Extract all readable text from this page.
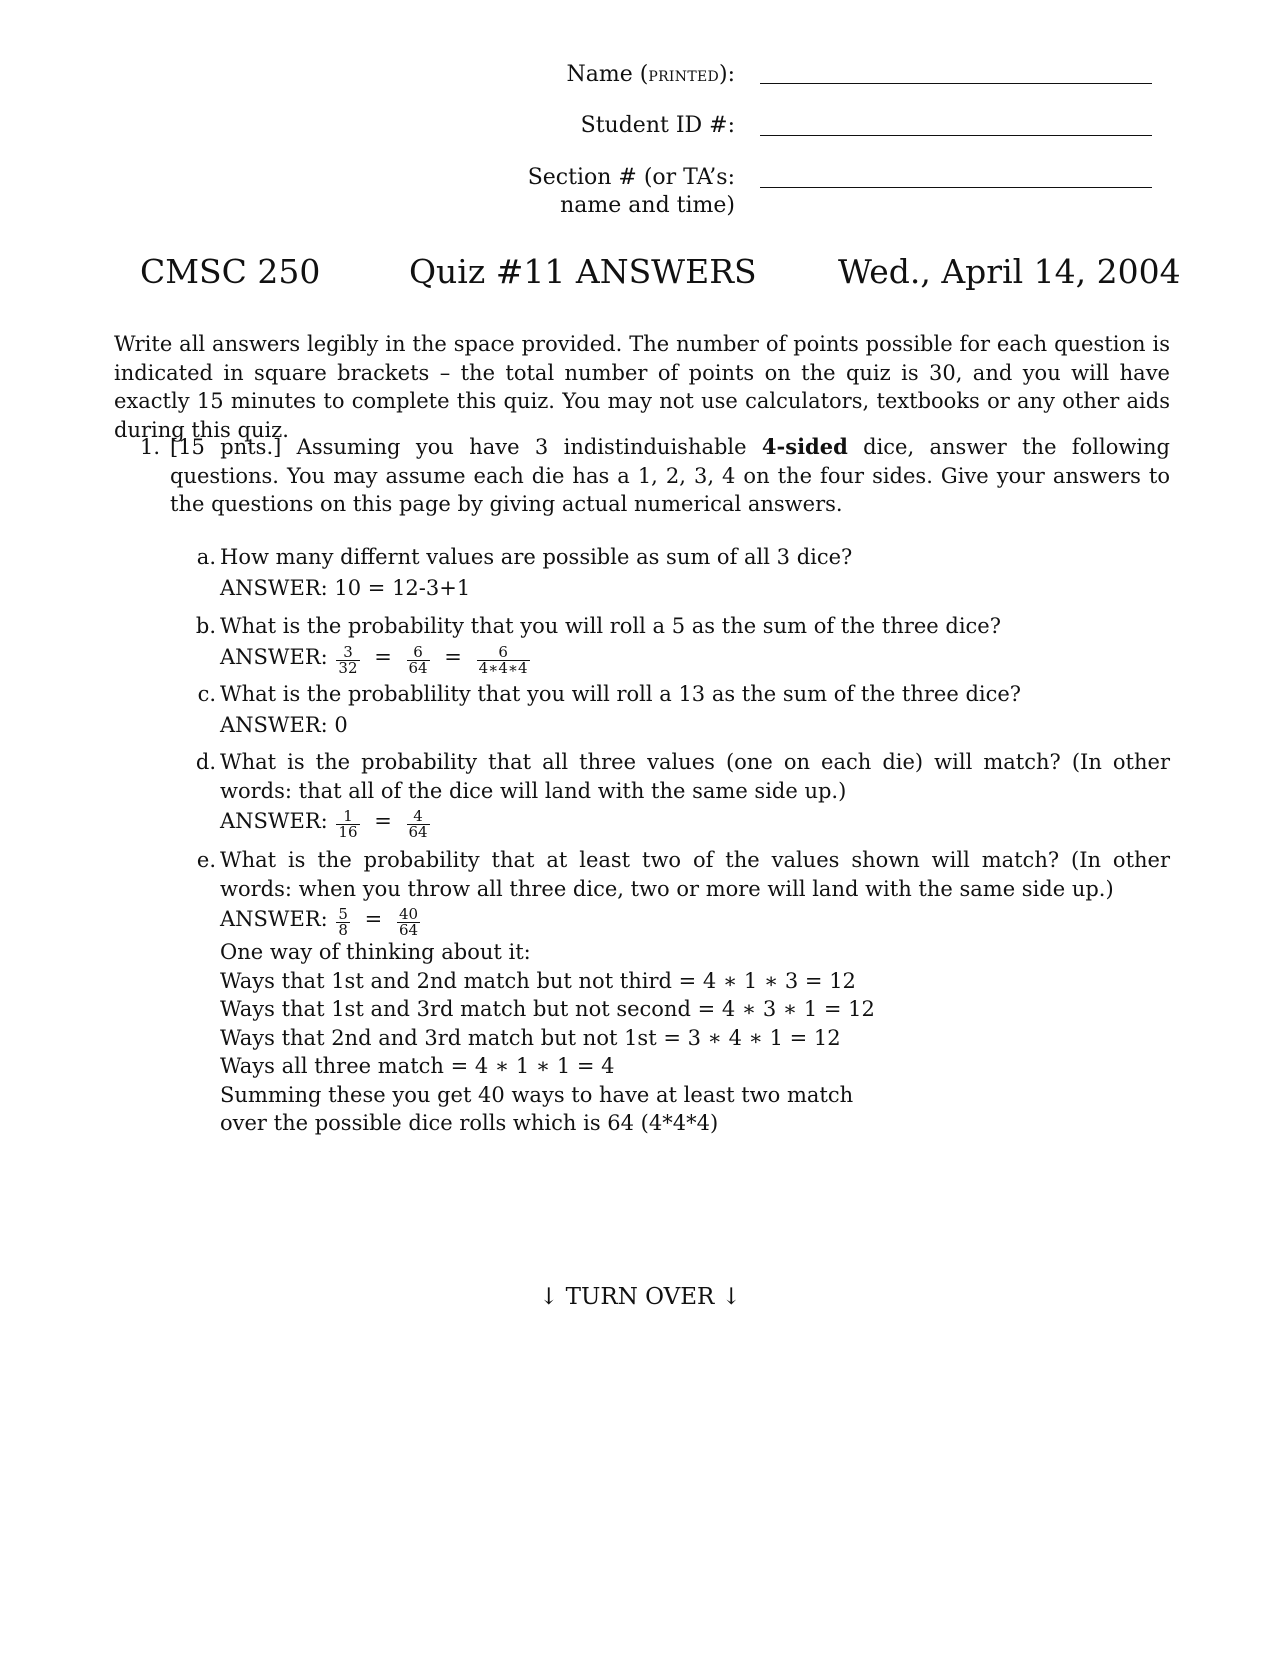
Name (printed):
Student ID #:
Section # (or TA’s:
name and time)
CMSC 250	Quiz #11 ANSWERS Wed., April 14, 2004
Write all answers legibly in the space provided. The number of points possible for each question is indicated in square brackets – the total number of points on the quiz is 30, and you will have exactly 15 minutes to complete this quiz. You may not use calculators, textbooks or any other aids during this quiz.
1. [15 pnts.] Assuming you have 3 indistinduishable 4-sided dice, answer the following questions. You may assume each die has a 1, 2, 3, 4 on the four sides. Give your answers to the questions on this page by giving actual numerical answers.
a. How many differnt values are possible as sum of all 3 dice?
ANSWER: 10 = 12-3+1
b. What is the probability that you will roll a 5 as the sum of the three dice?
ANSWER: $\frac{3}{32} = \frac{6}{64} = \frac{6}{4∗4∗4}$
c. What is the probablility that you will roll a 13 as the sum of the three dice?
ANSWER: 0
d. What is the probability that all three values (one on each die) will match? (In other words: that all of the dice will land with the same side up.)
ANSWER: $\frac{1}{16} = \frac{4}{64}$
e. What is the probability that at least two of the values shown will match? (In other words: when you throw all three dice, two or more will land with the same side up.)
ANSWER: $\frac{5}{8} = \frac{40}{64}$
One way of thinking about it:
Ways that 1st and 2nd match but not third = 4 ∗ 1 ∗ 3 = 12
Ways that 1st and 3rd match but not second = 4 ∗ 3 ∗ 1 = 12
Ways that 2nd and 3rd match but not 1st = 3 ∗ 4 ∗ 1 = 12
Ways all three match = 4 ∗ 1 ∗ 1 = 4
Summing these you get 40 ways to have at least two match
over the possible dice rolls which is 64 (4*4*4)
↓ TURN OVER ↓
